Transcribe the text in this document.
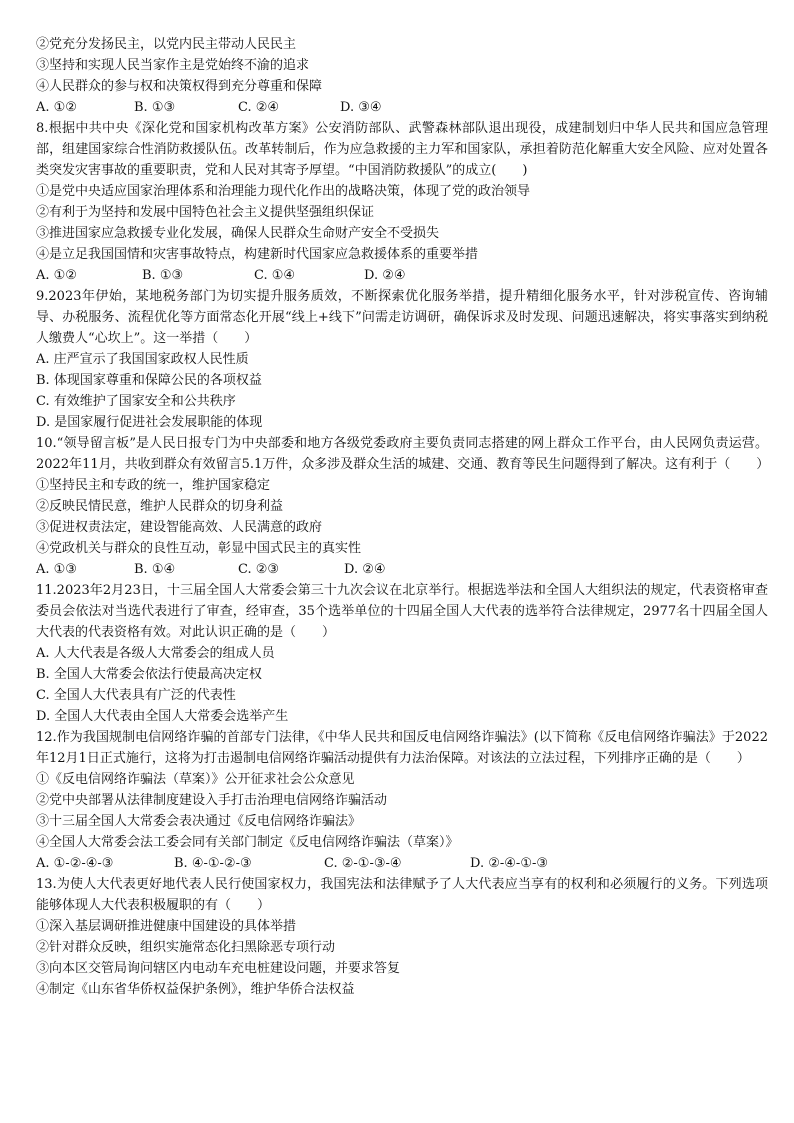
②党充分发扬民主，以党内民主带动人民民主
③坚持和实现人民当家作主是党始终不渝的追求
④人民群众的参与权和决策权得到充分尊重和保障
A. ①②	B. ①③	C. ②④	D. ③④
8.根据中共中央《深化党和国家机构改革方案》公安消防部队、武警森林部队退出现役，成建制划归中华人民共和国应急管理部，组建国家综合性消防救援队伍。改革转制后，作为应急救援的主力军和国家队，承担着防范化解重大安全风险、应对处置各类突发灾害事故的重要职责，党和人民对其寄予厚望。“中国消防救援队”的成立(　　)
①是党中央适应国家治理体系和治理能力现代化作出的战略决策，体现了党的政治领导
②有利于为坚持和发展中国特色社会主义提供坚强组织保证
③推进国家应急救援专业化发展，确保人民群众生命财产安全不受损失
④是立足我国国情和灾害事故特点，构建新时代国家应急救援体系的重要举措
A. ①②	B. ①③	C. ①④	D. ②④
9.2023年伊始，某地税务部门为切实提升服务质效，不断探索优化服务举措，提升精细化服务水平，针对涉税宣传、咨询辅导、办税服务、流程优化等方面常态化开展“线上+线下”问需走访调研，确保诉求及时发现、问题迅速解决，将实事落实到纳税人缴费人“心坎上”。这一举措（　　）
A. 庄严宣示了我国国家政权人民性质
B. 体现国家尊重和保障公民的各项权益
C. 有效维护了国家安全和公共秩序
D. 是国家履行促进社会发展职能的体现
10.“领导留言板”是人民日报专门为中央部委和地方各级党委政府主要负责同志搭建的网上群众工作平台，由人民网负责运营。2022年11月，共收到群众有效留言5.1万件，众多涉及群众生活的城建、交通、教育等民生问题得到了解决。这有利于（　　）
①坚持民主和专政的统一，维护国家稳定
②反映民情民意，维护人民群众的切身利益
③促进权责法定，建设智能高效、人民满意的政府
④党政机关与群众的良性互动，彰显中国式民主的真实性
A. ①③	B. ①④	C. ②③	D. ②④
11.2023年2月23日，十三届全国人大常委会第三十九次会议在北京举行。根据选举法和全国人大组织法的规定，代表资格审查委员会依法对当选代表进行了审查，经审查，35个选举单位的十四届全国人大代表的选举符合法律规定，2977名十四届全国人大代表的代表资格有效。对此认识正确的是（　　）
A. 人大代表是各级人大常委会的组成人员
B. 全国人大常委会依法行使最高决定权
C. 全国人大代表具有广泛的代表性
D. 全国人大代表由全国人大常委会选举产生
12.作为我国规制电信网络诈骗的首部专门法律，《中华人民共和国反电信网络诈骗法》(以下简称《反电信网络诈骗法》于2022年12月1日正式施行，这将为打击遏制电信网络诈骗活动提供有力法治保障。对该法的立法过程，下列排序正确的是（　　）
①《反电信网络诈骗法（草案）》公开征求社会公众意见
②党中央部署从法律制度建设入手打击治理电信网络诈骗活动
③十三届全国人大常委会表决通过《反电信网络诈骗法》
④全国人大常委会法工委会同有关部门制定《反电信网络诈骗法（草案）》
A. ①-②-④-③	B. ④-①-②-③	C. ②-①-③-④	D. ②-④-①-③
13.为使人大代表更好地代表人民行使国家权力，我国宪法和法律赋予了人大代表应当享有的权利和必须履行的义务。下列选项能够体现人大代表积极履职的有（　　）
①深入基层调研推进健康中国建设的具体举措
②针对群众反映，组织实施常态化扫黑除恶专项行动
③向本区交管局询问辖区内电动车充电桩建设问题，并要求答复
④制定《山东省华侨权益保护条例》，维护华侨合法权益
